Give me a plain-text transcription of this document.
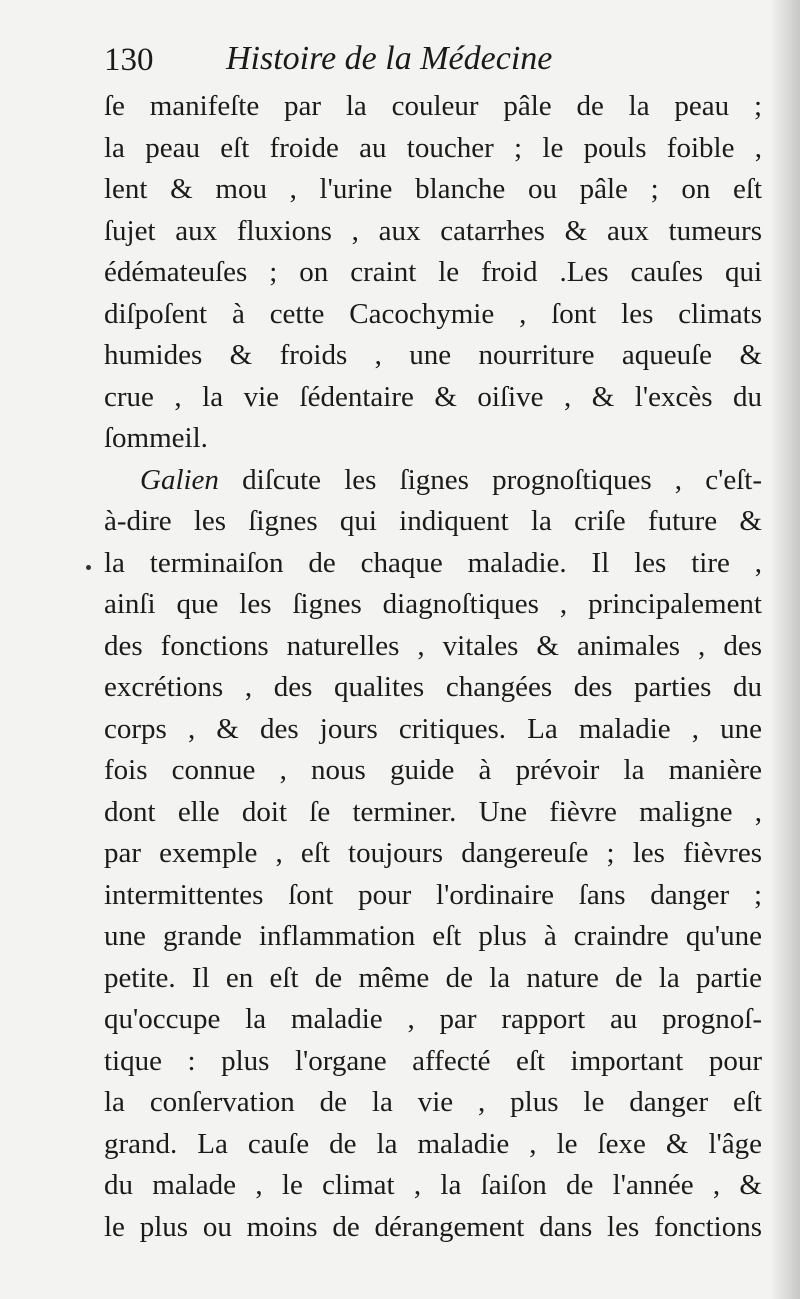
130 Histoire de la Médecine
ſe manifeſte par la couleur pâle de la peau ;
la peau eſt froide au toucher ; le pouls foible ,
lent & mou , l'urine blanche ou pâle ; on eſt
ſujet aux fluxions , aux catarrhes & aux tumeurs
édémateuſes ; on craint le froid .Les cauſes qui
diſpoſent à cette Cacochymie , ſont les climats
humides & froids , une nourriture aqueuſe &
crue , la vie ſédentaire & oiſive , & l'excès du
ſommeil.
Galien diſcute les ſignes prognoſtiques , c'eſt-
à-dire les ſignes qui indiquent la criſe future &
la terminaiſon de chaque maladie. Il les tire ,
ainſi que les ſignes diagnoſtiques , principalement
des fonctions naturelles , vitales & animales , des
excrétions , des qualites changées des parties du
corps , & des jours critiques. La maladie , une
fois connue , nous guide à prévoir la manière
dont elle doit ſe terminer. Une fièvre maligne ,
par exemple , eſt toujours dangereuſe ; les fièvres
intermittentes ſont pour l'ordinaire ſans danger ;
une grande inflammation eſt plus à craindre qu'une
petite. Il en eſt de même de la nature de la partie
qu'occupe la maladie , par rapport au prognoſ-
tique : plus l'organe affecté eſt important pour
la conſervation de la vie , plus le danger eſt
grand. La cauſe de la maladie , le ſexe & l'âge
du malade , le climat , la ſaiſon de l'année , &
le plus ou moins de dérangement dans les fonctions
